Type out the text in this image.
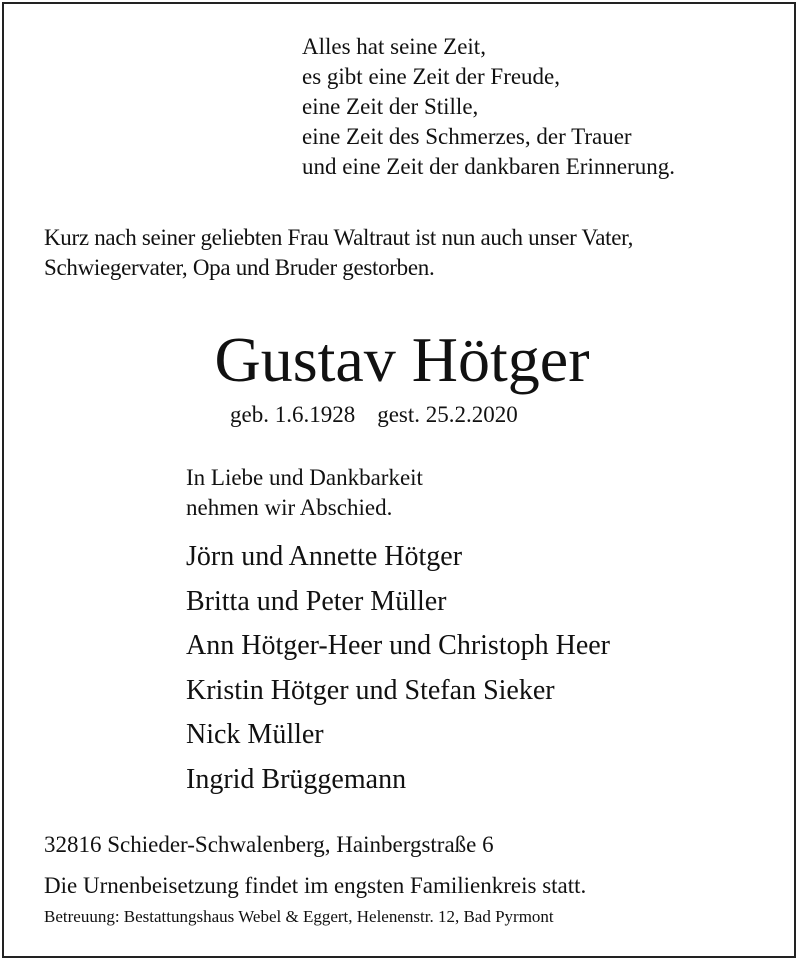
Alles hat seine Zeit,
es gibt eine Zeit der Freude,
eine Zeit der Stille,
eine Zeit des Schmerzes, der Trauer
und eine Zeit der dankbaren Erinnerung.
Kurz nach seiner geliebten Frau Waltraut ist nun auch unser Vater,
Schwiegervater, Opa und Bruder gestorben.
Gustav Hötger
geb. 1.6.1928 gest. 25.2.2020
In Liebe und Dankbarkeit
nehmen wir Abschied.
Jörn und Annette Hötger
Britta und Peter Müller
Ann Hötger-Heer und Christoph Heer
Kristin Hötger und Stefan Sieker
Nick Müller
Ingrid Brüggemann
32816 Schieder-Schwalenberg, Hainbergstraße 6
Die Urnenbeisetzung findet im engsten Familienkreis statt.
Betreuung: Bestattungshaus Webel & Eggert, Helenenstr. 12, Bad Pyrmont
